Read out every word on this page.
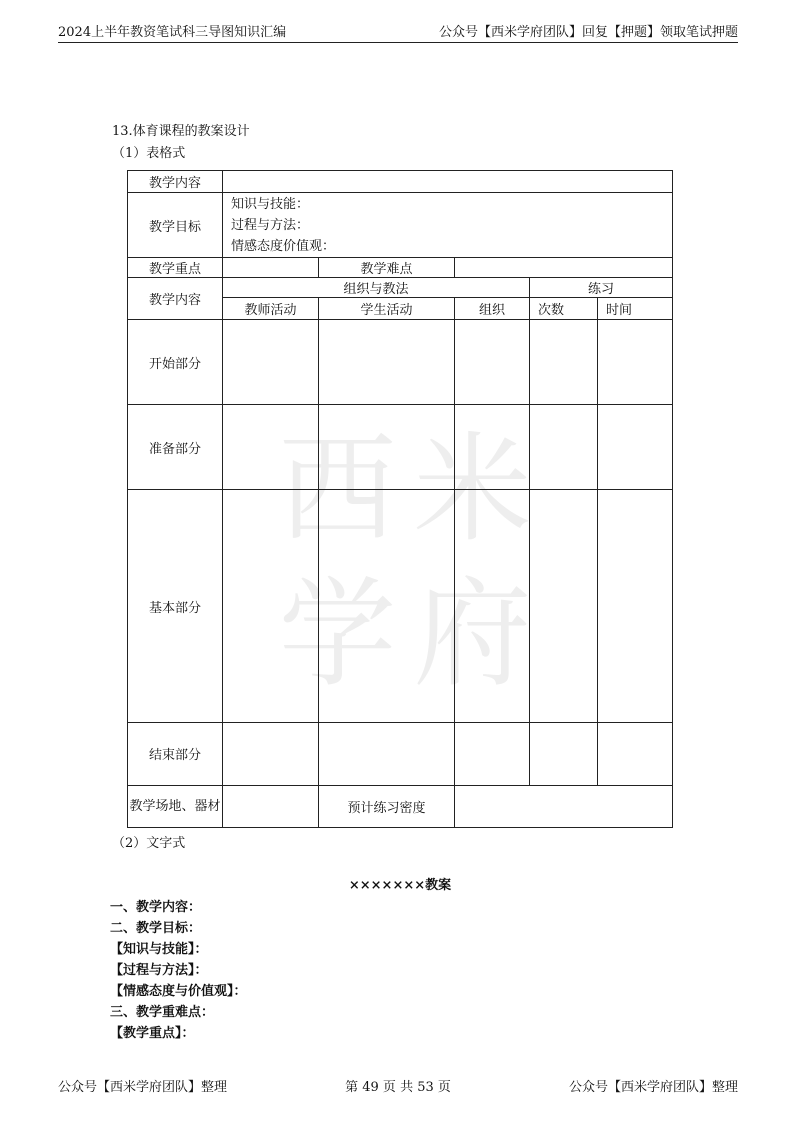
2024上半年教资笔试科三导图知识汇编	公众号【西米学府团队】回复【押题】领取笔试押题
西 米
学 府
13.体育课程的教案设计
（1）表格式
教学内容					
教学目标	知识与技能：
过程与方法：
情感态度价值观：				

教学重点		教学难点			
教学内容	组织与教法			练习	
	教师活动	学生活动	组织	次数	时间
开始部分					
准备部分					
基本部分					
结束部分					
教学场地、器材		预计练习密度			
（2）文字式
×××××××教案
一、教学内容：
二、教学目标：
【知识与技能】：
【过程与方法】：
【情感态度与价值观】：
三、教学重难点：
【教学重点】：
公众号【西米学府团队】整理	第 49 页 共 53 页	公众号【西米学府团队】整理
